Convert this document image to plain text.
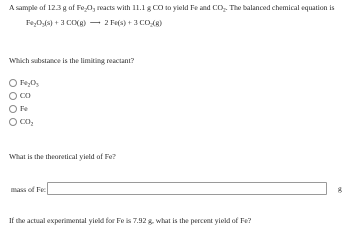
A sample of 12.3 g of $Fe_2O_3$ reacts with 11.1 g CO to yield Fe and $CO_2$. The balanced chemical equation is
$Fe_2O_3(s) + 3$ CO(g) ⟶ 2 Fe(s) + 3 $CO_2(g)$
Which substance is the limiting reactant?
$Fe_2O_3$
CO
Fe
$CO_2$
What is the theoretical yield of Fe?
mass of Fe:	g
If the actual experimental yield for Fe is 7.92 g, what is the percent yield of Fe?
